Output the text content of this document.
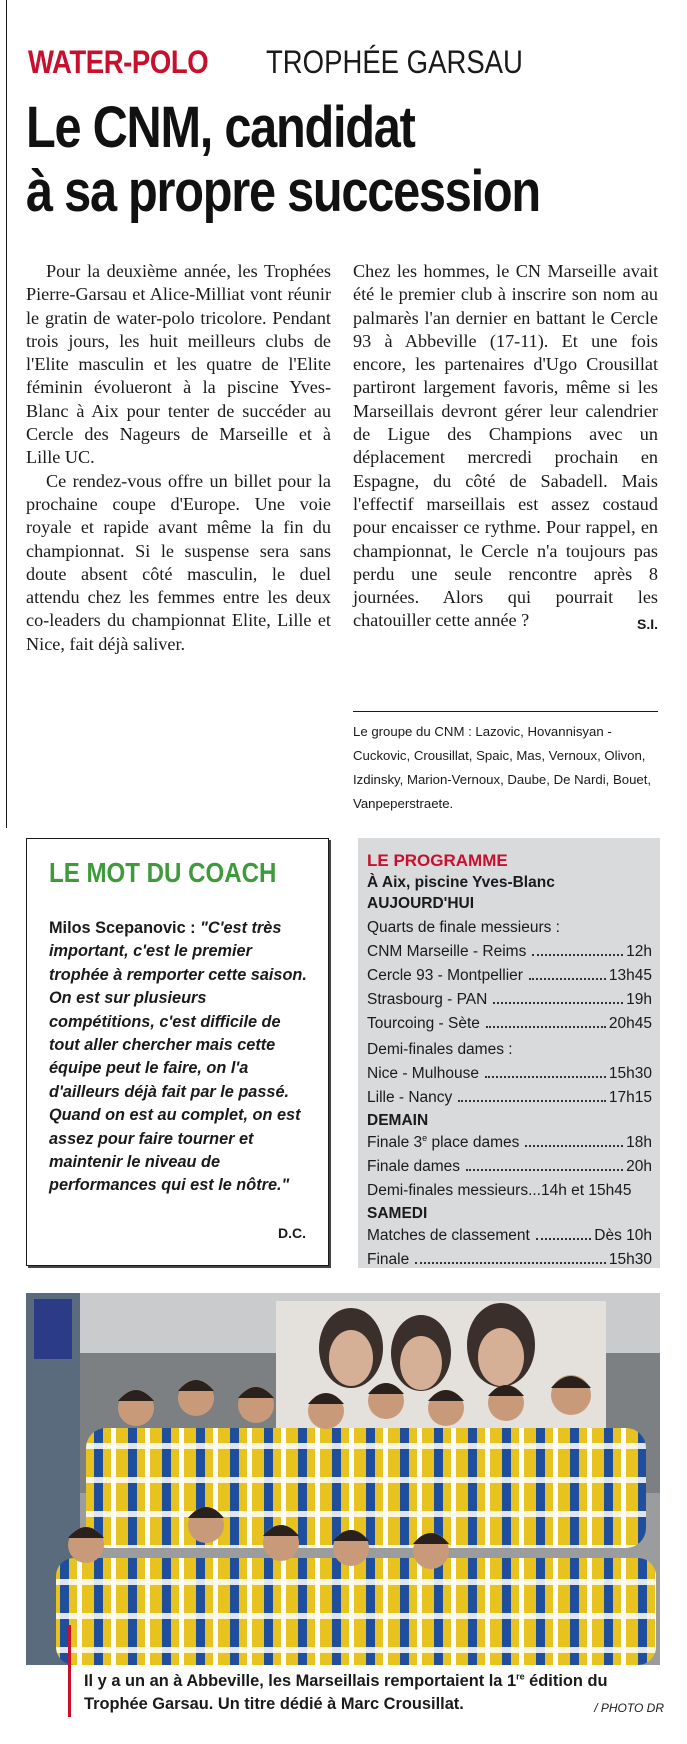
WATER-POLO TROPHÉE GARSAU
Le CNM, candidat
à sa propre succession

Pour la deuxième année, les Trophées Pierre-Garsau et Alice-Milliat vont réunir le gratin de water-polo tricolore. Pendant trois jours, les huit meilleurs clubs de l'Elite masculin et les quatre de l'Elite féminin évolueront à la piscine Yves-Blanc à Aix pour tenter de succéder au Cercle des Nageurs de Marseille et à Lille UC.

Ce rendez-vous offre un billet pour la prochaine coupe d'Europe. Une voie royale et rapide avant même la fin du championnat. Si le suspense sera sans doute absent côté masculin, le duel attendu chez les femmes entre les deux co-leaders du championnat Elite, Lille et Nice, fait déjà saliver.

Chez les hommes, le CN Marseille avait été le premier club à inscrire son nom au palmarès l'an dernier en battant le Cercle 93 à Abbeville (17-11). Et une fois encore, les partenaires d'Ugo Crousillat partiront largement favoris, même si les Marseillais devront gérer leur calendrier de Ligue des Champions avec un déplacement mercredi prochain en Espagne, du côté de Sabadell. Mais l'effectif marseillais est assez costaud pour encaisser ce rythme. Pour rappel, en championnat, le Cercle n'a toujours pas perdu une seule rencontre après 8 journées. Alors qui pourrait les chatouiller cette année ?	S.I.

Le groupe du CNM : Lazovic, Hovannisyan - Cuckovic, Crousillat, Spaic, Mas, Vernoux, Olivon, Izdinsky, Marion-Vernoux, Daube, De Nardi, Bouet, Vanpeperstraete.

LE MOT DU COACH

Milos Scepanovic : "C'est très important, c'est le premier trophée à remporter cette saison. On est sur plusieurs compétitions, c'est difficile de tout aller chercher mais cette équipe peut le faire, on l'a d'ailleurs déjà fait par le passé. Quand on est au complet, on est assez pour faire tourner et maintenir le niveau de performances qui est le nôtre."

D.C.
LE PROGRAMME
À Aix, piscine Yves-Blanc
AUJOURD'HUI
Quarts de finale messieurs :
CNM Marseille - Reims	12h
Cercle 93 - Montpellier	13h45
Strasbourg - PAN	19h
Tourcoing - Sète	20h45
Demi-finales dames :
Nice - Mulhouse	15h30
Lille - Nancy	17h15
DEMAIN
Finale 3e place dames	18h
Finale dames	20h
Demi-finales messieurs...14h et 15h45
SAMEDI
Matches de classement	Dès 10h
Finale	15h30

Il y a un an à Abbeville, les Marseillais remportaient la 1re édition du Trophée Garsau. Un titre dédié à Marc Crousillat.	/ PHOTO DR
